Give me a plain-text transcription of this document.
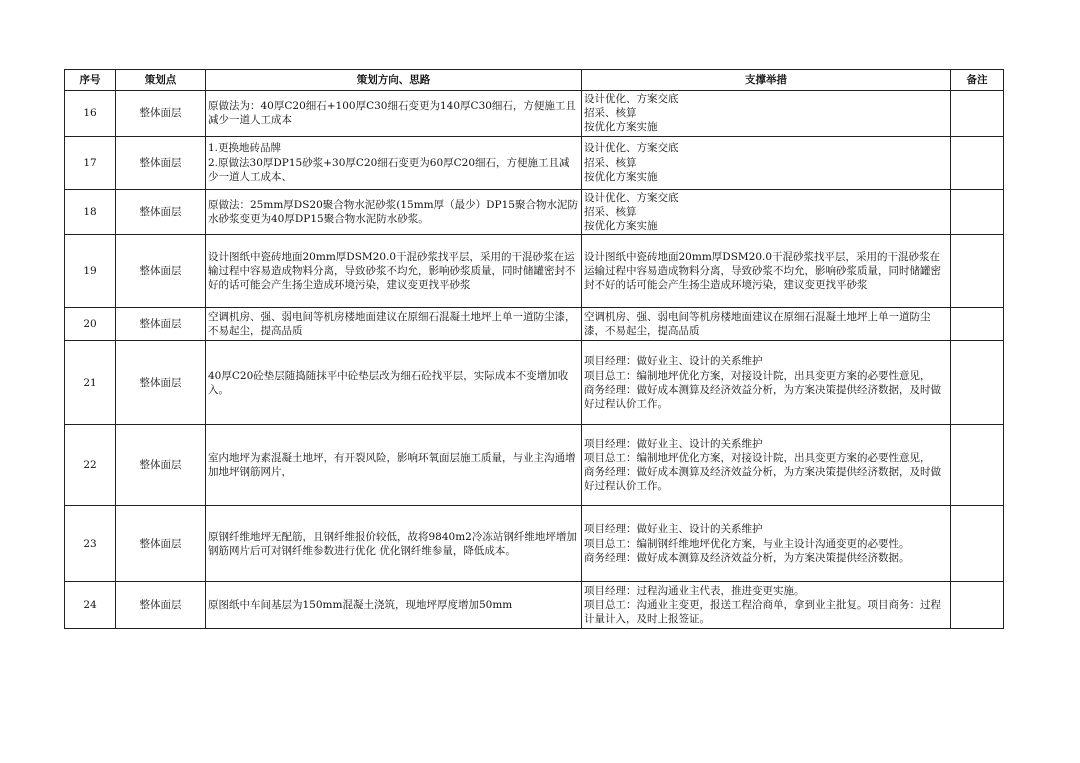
序号	策划点	策划方向、思路	支撑举措	备注
16	整体面层	原做法为：40厚C20细石+100厚C30细石变更为140厚C30细石，方便施工且减少一道人工成本	设计优化、方案交底
招采、核算
按优化方案实施	

17	整体面层	1.更换地砖品牌
2.原做法30厚DP15砂浆+30厚C20细石变更为60厚C20细石，方便施工且减少一道人工成本、	设计优化、方案交底
招采、核算
按优化方案实施	

18	整体面层	原做法：25mm厚DS20聚合物水泥砂浆(15mm厚（最少）DP15聚合物水泥防水砂浆变更为40厚DP15聚合物水泥防水砂浆。	设计优化、方案交底
招采、核算
按优化方案实施	

19	整体面层	设计图纸中瓷砖地面20mm厚DSM20.0干混砂浆找平层，采用的干混砂浆在运输过程中容易造成物料分离，导致砂浆不均允，影响砂浆质量，同时储罐密封不好的话可能会产生扬尘造成环境污染，建议变更找平砂浆	设计图纸中瓷砖地面20mm厚DSM20.0干混砂浆找平层，采用的干混砂浆在运输过程中容易造成物料分离，导致砂浆不均允，影响砂浆质量，同时储罐密封不好的话可能会产生扬尘造成环境污染，建议变更找平砂浆	

20	整体面层	空调机房、强、弱电间等机房楼地面建议在原细石混凝土地坪上单一道防尘漆，不易起尘，提高品质	空调机房、强、弱电间等机房楼地面建议在原细石混凝土地坪上单一道防尘漆，不易起尘，提高品质	

21	整体面层	40厚C20砼垫层随捣随抹平中砼垫层改为细石砼找平层，实际成本不变增加收入。	项目经理：做好业主、设计的关系维护
项目总工：编制地坪优化方案，对接设计院，出具变更方案的必要性意见，
商务经理：做好成本测算及经济效益分析，为方案决策提供经济数据，及时做好过程认价工作。	

22	整体面层	室内地坪为素混凝土地坪，有开裂风险，影响环氧面层施工质量，与业主沟通增加地坪钢筋网片，	项目经理：做好业主、设计的关系维护
项目总工：编制地坪优化方案，对接设计院，出具变更方案的必要性意见，
商务经理：做好成本测算及经济效益分析，为方案决策提供经济数据，及时做好过程认价工作。	

23	整体面层	原钢纤维地坪无配筋，且钢纤维报价较低，故将9840m2冷冻站钢纤维地坪增加钢筋网片后可对钢纤维参数进行优化 优化钢纤维参量，降低成本。	项目经理：做好业主、设计的关系维护
项目总工：编制钢纤维地坪优化方案，与业主设计沟通变更的必要性。
商务经理：做好成本测算及经济效益分析，为方案决策提供经济数据。	

24	整体面层	原图纸中车间基层为150mm混凝土浇筑，现地坪厚度增加50mm	项目经理：过程沟通业主代表，推进变更实施。
项目总工：沟通业主变更，报送工程洽商单，拿到业主批复。项目商务：过程计量计入，及时上报签证。	
